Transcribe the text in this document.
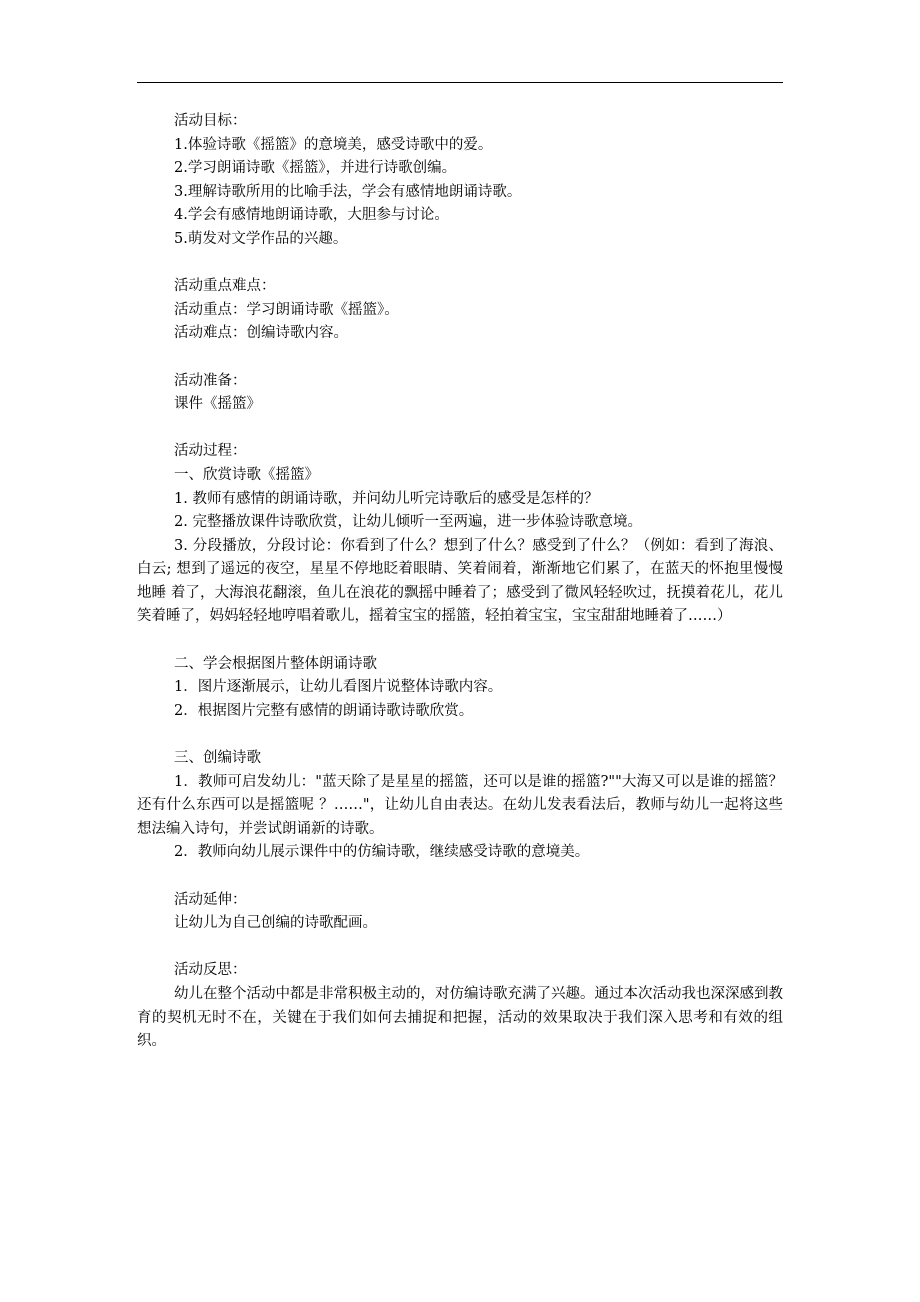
活动目标：

1.体验诗歌《摇篮》的意境美，感受诗歌中的爱。

2.学习朗诵诗歌《摇篮》，并进行诗歌创编。

3.理解诗歌所用的比喻手法，学会有感情地朗诵诗歌。

4.学会有感情地朗诵诗歌，大胆参与讨论。

5.萌发对文学作品的兴趣。

活动重点难点：

活动重点：学习朗诵诗歌《摇篮》。

活动难点：创编诗歌内容。

活动准备：

课件《摇篮》

活动过程：

一、欣赏诗歌《摇篮》

1. 教师有感情的朗诵诗歌，并问幼儿听完诗歌后的感受是怎样的？

2. 完整播放课件诗歌欣赏，让幼儿倾听一至两遍，进一步体验诗歌意境。

3. 分段播放，分段讨论：你看到了什么？想到了什么？感受到了什么？（例如：看到了海浪、白云; 想到了遥远的夜空，星星不停地眨着眼睛、笑着闹着，渐渐地它们累了，在蓝天的怀抱里慢慢地睡 着了，大海浪花翻滚，鱼儿在浪花的飘摇中睡着了；感受到了微风轻轻吹过，抚摸着花儿，花儿笑着睡了，妈妈轻轻地哼唱着歌儿，摇着宝宝的摇篮，轻拍着宝宝，宝宝甜甜地睡着了……）

二、学会根据图片整体朗诵诗歌

1．图片逐渐展示，让幼儿看图片说整体诗歌内容。

2．根据图片完整有感情的朗诵诗歌诗歌欣赏。

三、创编诗歌

1．教师可启发幼儿："蓝天除了是星星的摇篮，还可以是谁的摇篮?""大海又可以是谁的摇篮？还有什么东西可以是摇篮呢 ？……"，让幼儿自由表达。在幼儿发表看法后，教师与幼儿一起将这些想法编入诗句，并尝试朗诵新的诗歌。

2．教师向幼儿展示课件中的仿编诗歌，继续感受诗歌的意境美。

活动延伸：

让幼儿为自己创编的诗歌配画。

活动反思：

幼儿在整个活动中都是非常积极主动的，对仿编诗歌充满了兴趣。通过本次活动我也深深感到教育的契机无时不在，关键在于我们如何去捕捉和把握，活动的效果取决于我们深入思考和有效的组织。
